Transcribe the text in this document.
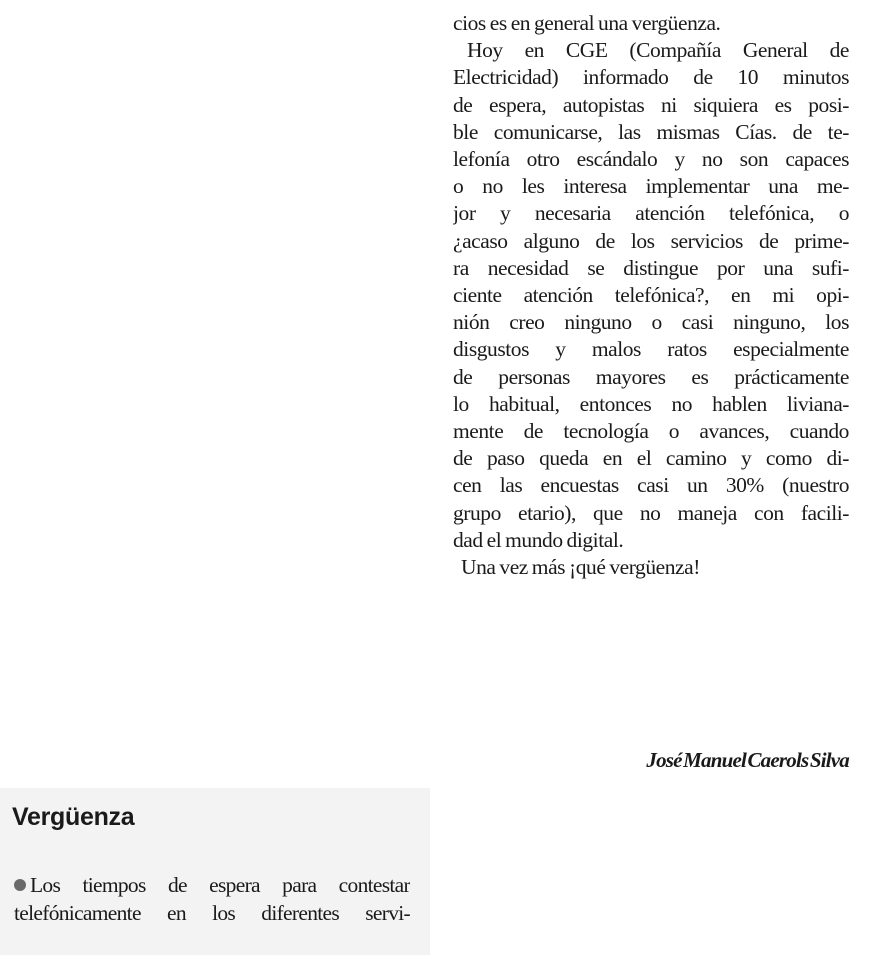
cios es en general una vergüenza.

Hoy en CGE (Compañía General de

Electricidad) informado de 10 minutos

de espera, autopistas ni siquiera es posi-

ble comunicarse, las mismas Cías. de te-

lefonía otro escándalo y no son capaces

o no les interesa implementar una me-

jor y necesaria atención telefónica, o

¿acaso alguno de los servicios de prime-

ra necesidad se distingue por una sufi-

ciente atención telefónica?, en mi opi-

nión creo ninguno o casi ninguno, los

disgustos y malos ratos especialmente

de personas mayores es prácticamente

lo habitual, entonces no hablen liviana-

mente de tecnología o avances, cuando

de paso queda en el camino y como di-

cen las encuestas casi un 30% (nuestro

grupo etario), que no maneja con facili-

dad el mundo digital.

Una vez más ¡qué vergüenza!

José Manuel Caerols Silva
Vergüenza

Los tiempos de espera para contestar

telefónicamente en los diferentes servi-
